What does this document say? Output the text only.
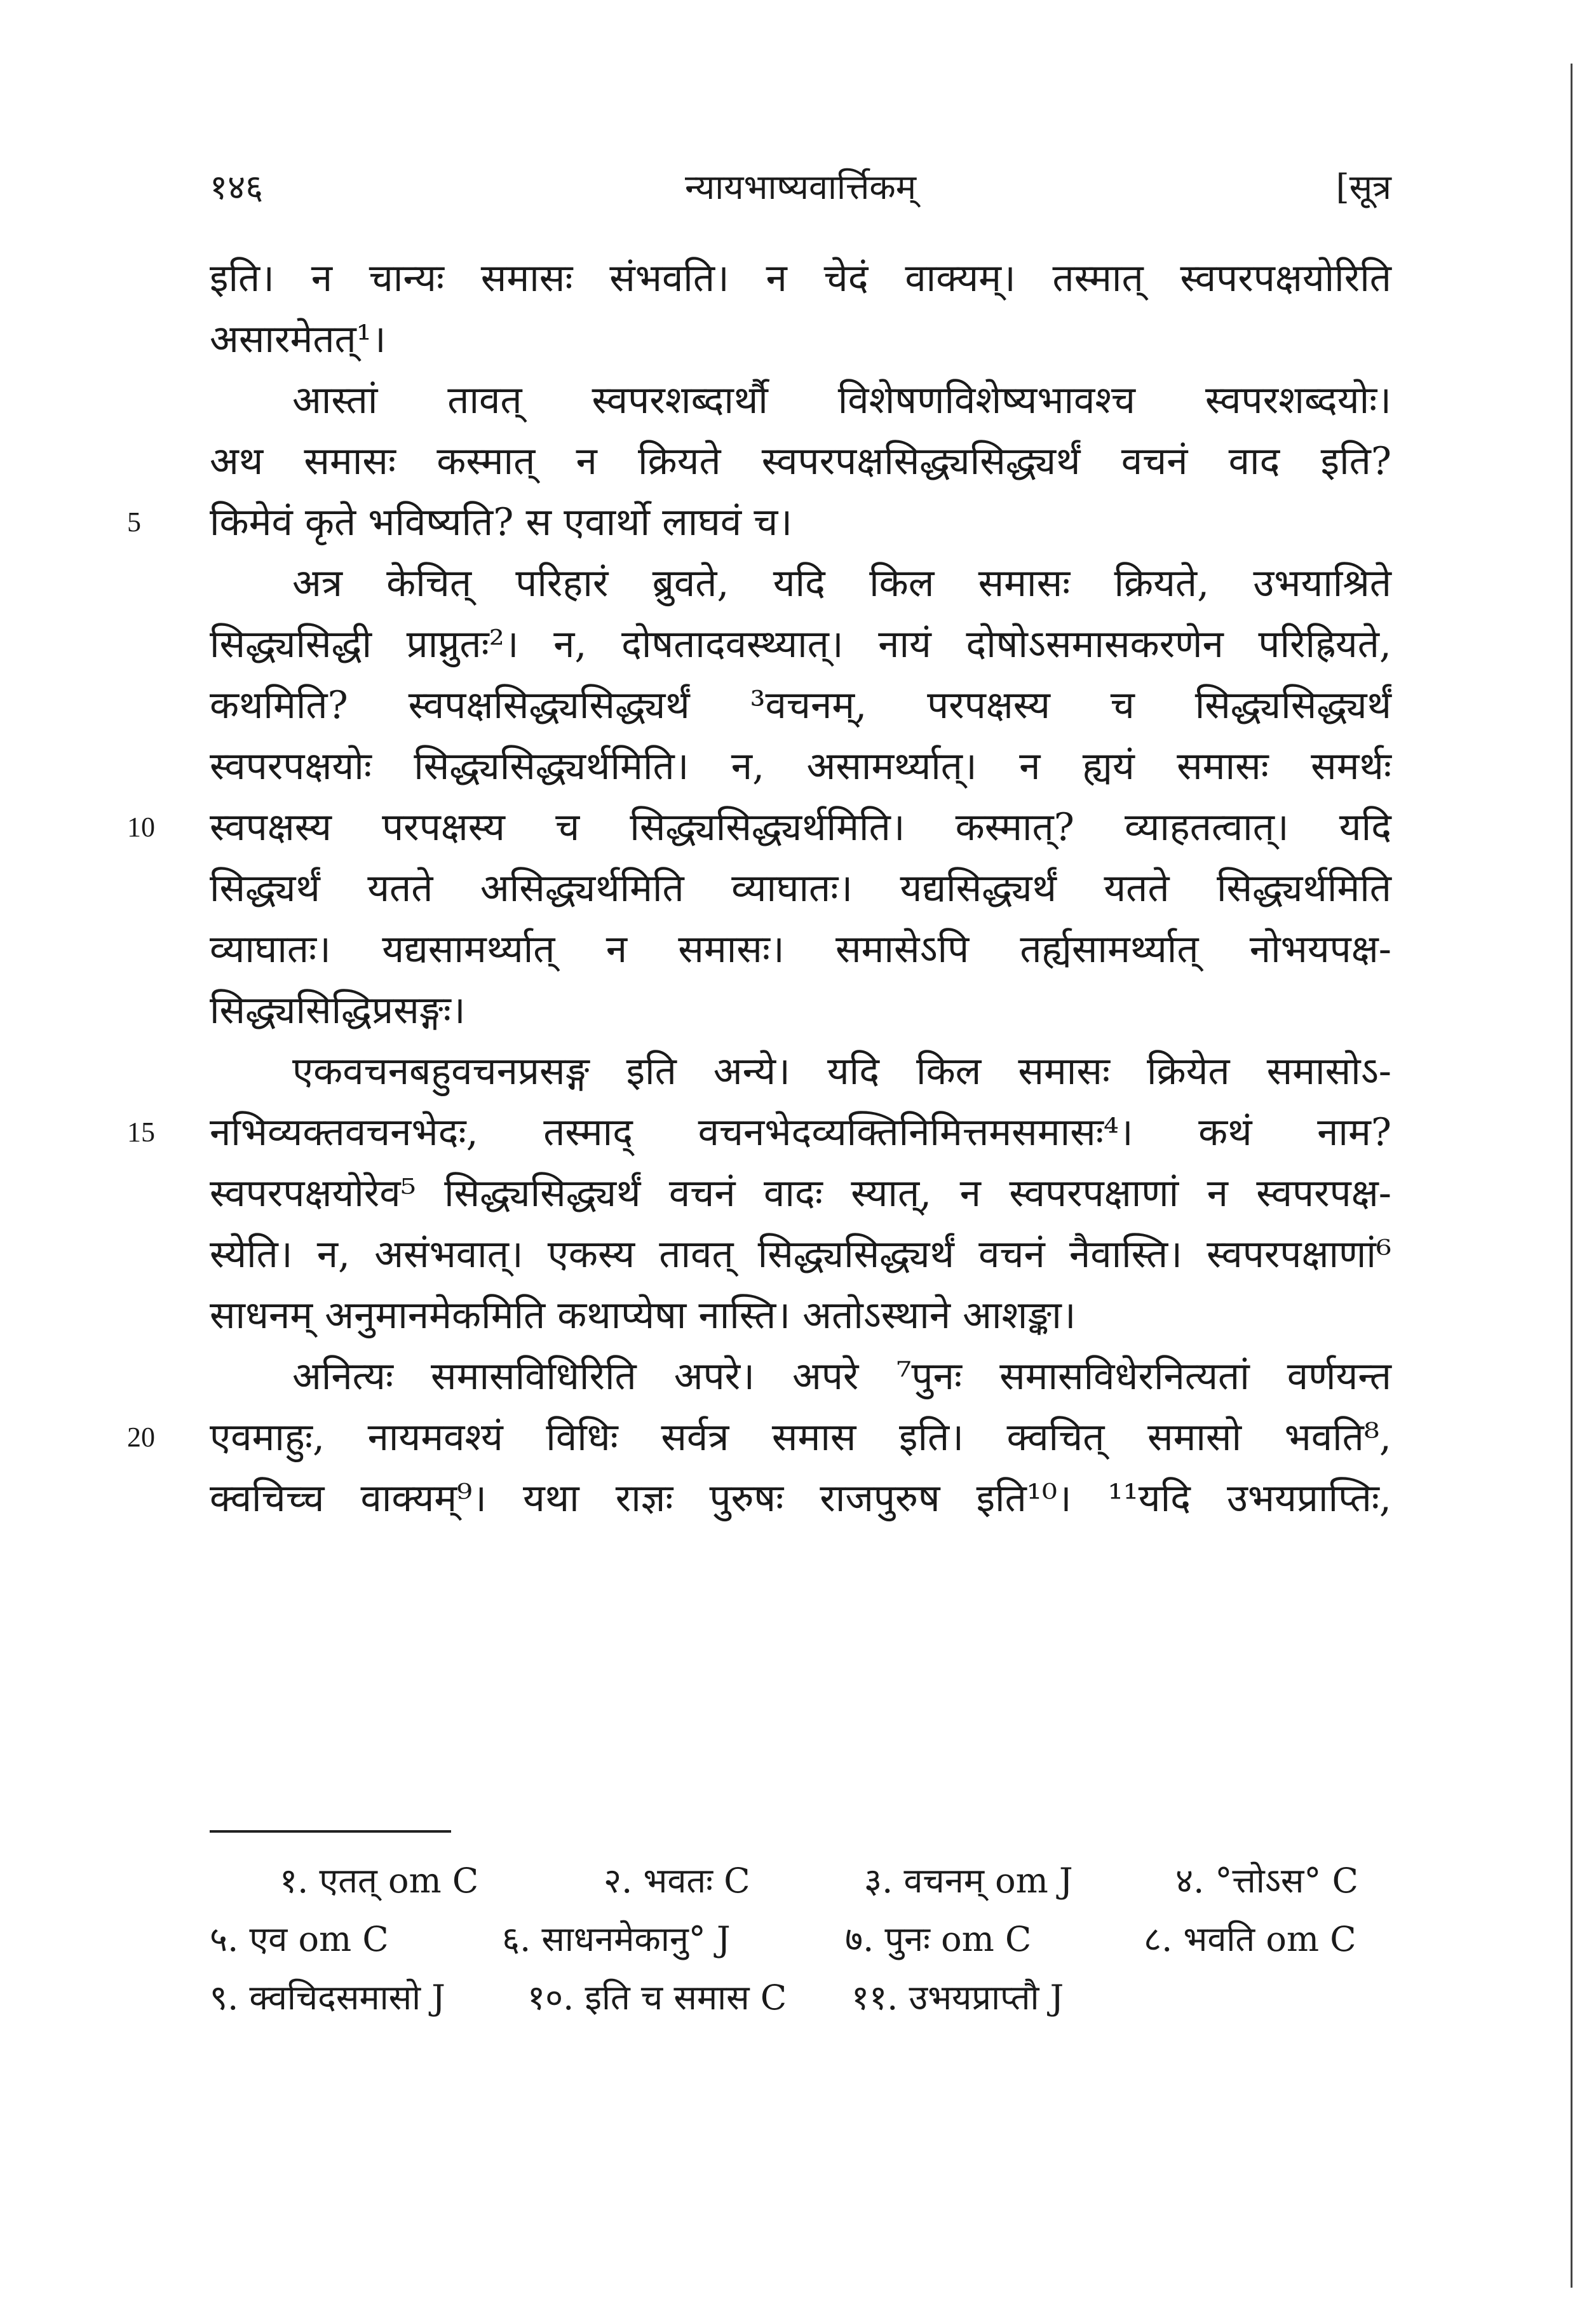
१४६	न्यायभाष्यवार्त्तिकम्	[सूत्र
इति। न चान्यः समासः संभवति। न चेदं वाक्यम्। तस्मात् स्वपरपक्षयोरिति
असारमेतत्¹।
आस्तां तावत् स्वपरशब्दार्थौ विशेषणविशेष्यभावश्च स्वपरशब्दयोः।
अथ समासः कस्मात् न क्रियते स्वपरपक्षसिद्ध्यसिद्ध्यर्थं वचनं वाद इति?
5 किमेवं कृते भविष्यति? स एवार्थो लाघवं च।
अत्र केचित् परिहारं ब्रुवते, यदि किल समासः क्रियते, उभयाश्रिते
सिद्ध्यसिद्धी प्राप्नुतः²। न, दोषतादवस्थ्यात्। नायं दोषोऽसमासकरणेन परिह्रियते,
कथमिति? स्वपक्षसिद्ध्यसिद्ध्यर्थं ³वचनम्, परपक्षस्य च सिद्ध्यसिद्ध्यर्थं
स्वपरपक्षयोः सिद्ध्यसिद्ध्यर्थमिति। न, असामर्थ्यात्। न ह्ययं समासः समर्थः
10 स्वपक्षस्य परपक्षस्य च सिद्ध्यसिद्ध्यर्थमिति। कस्मात्? व्याहतत्वात्। यदि
सिद्ध्यर्थं यतते असिद्ध्यर्थमिति व्याघातः। यद्यसिद्ध्यर्थं यतते सिद्ध्यर्थमिति
व्याघातः। यद्यसामर्थ्यात् न समासः। समासेऽपि तर्ह्यसामर्थ्यात् नोभयपक्ष-
सिद्ध्यसिद्धिप्रसङ्गः।
एकवचनबहुवचनप्रसङ्ग इति अन्ये। यदि किल समासः क्रियेत समासोऽ-
15 नभिव्यक्तवचनभेदः, तस्माद् वचनभेदव्यक्तिनिमित्तमसमासः⁴। कथं नाम?
स्वपरपक्षयोरेव⁵ सिद्ध्यसिद्ध्यर्थं वचनं वादः स्यात्, न स्वपरपक्षाणां न स्वपरपक्ष-
स्येति। न, असंभवात्। एकस्य तावत् सिद्ध्यसिद्ध्यर्थं वचनं नैवास्ति। स्वपरपक्षाणां⁶
साधनम् अनुमानमेकमिति कथाप्येषा नास्ति। अतोऽस्थाने आशङ्का।
अनित्यः समासविधिरिति अपरे। अपरे ⁷पुनः समासविधेरनित्यतां वर्णयन्त
20 एवमाहुः, नायमवश्यं विधिः सर्वत्र समास इति। क्वचित् समासो भवति⁸,
क्वचिच्च वाक्यम्⁹। यथा राज्ञः पुरुषः राजपुरुष इति¹⁰। ¹¹यदि उभयप्राप्तिः,
१. एतत् om C	२. भवतः C	३. वचनम् om J	४. °त्तोऽस° C
५. एव om C	६. साधनमेकानु° J	७. पुनः om C	८. भवति om C
९. क्वचिदसमासो J १०. इति च समास C ११. उभयप्राप्तौ J
